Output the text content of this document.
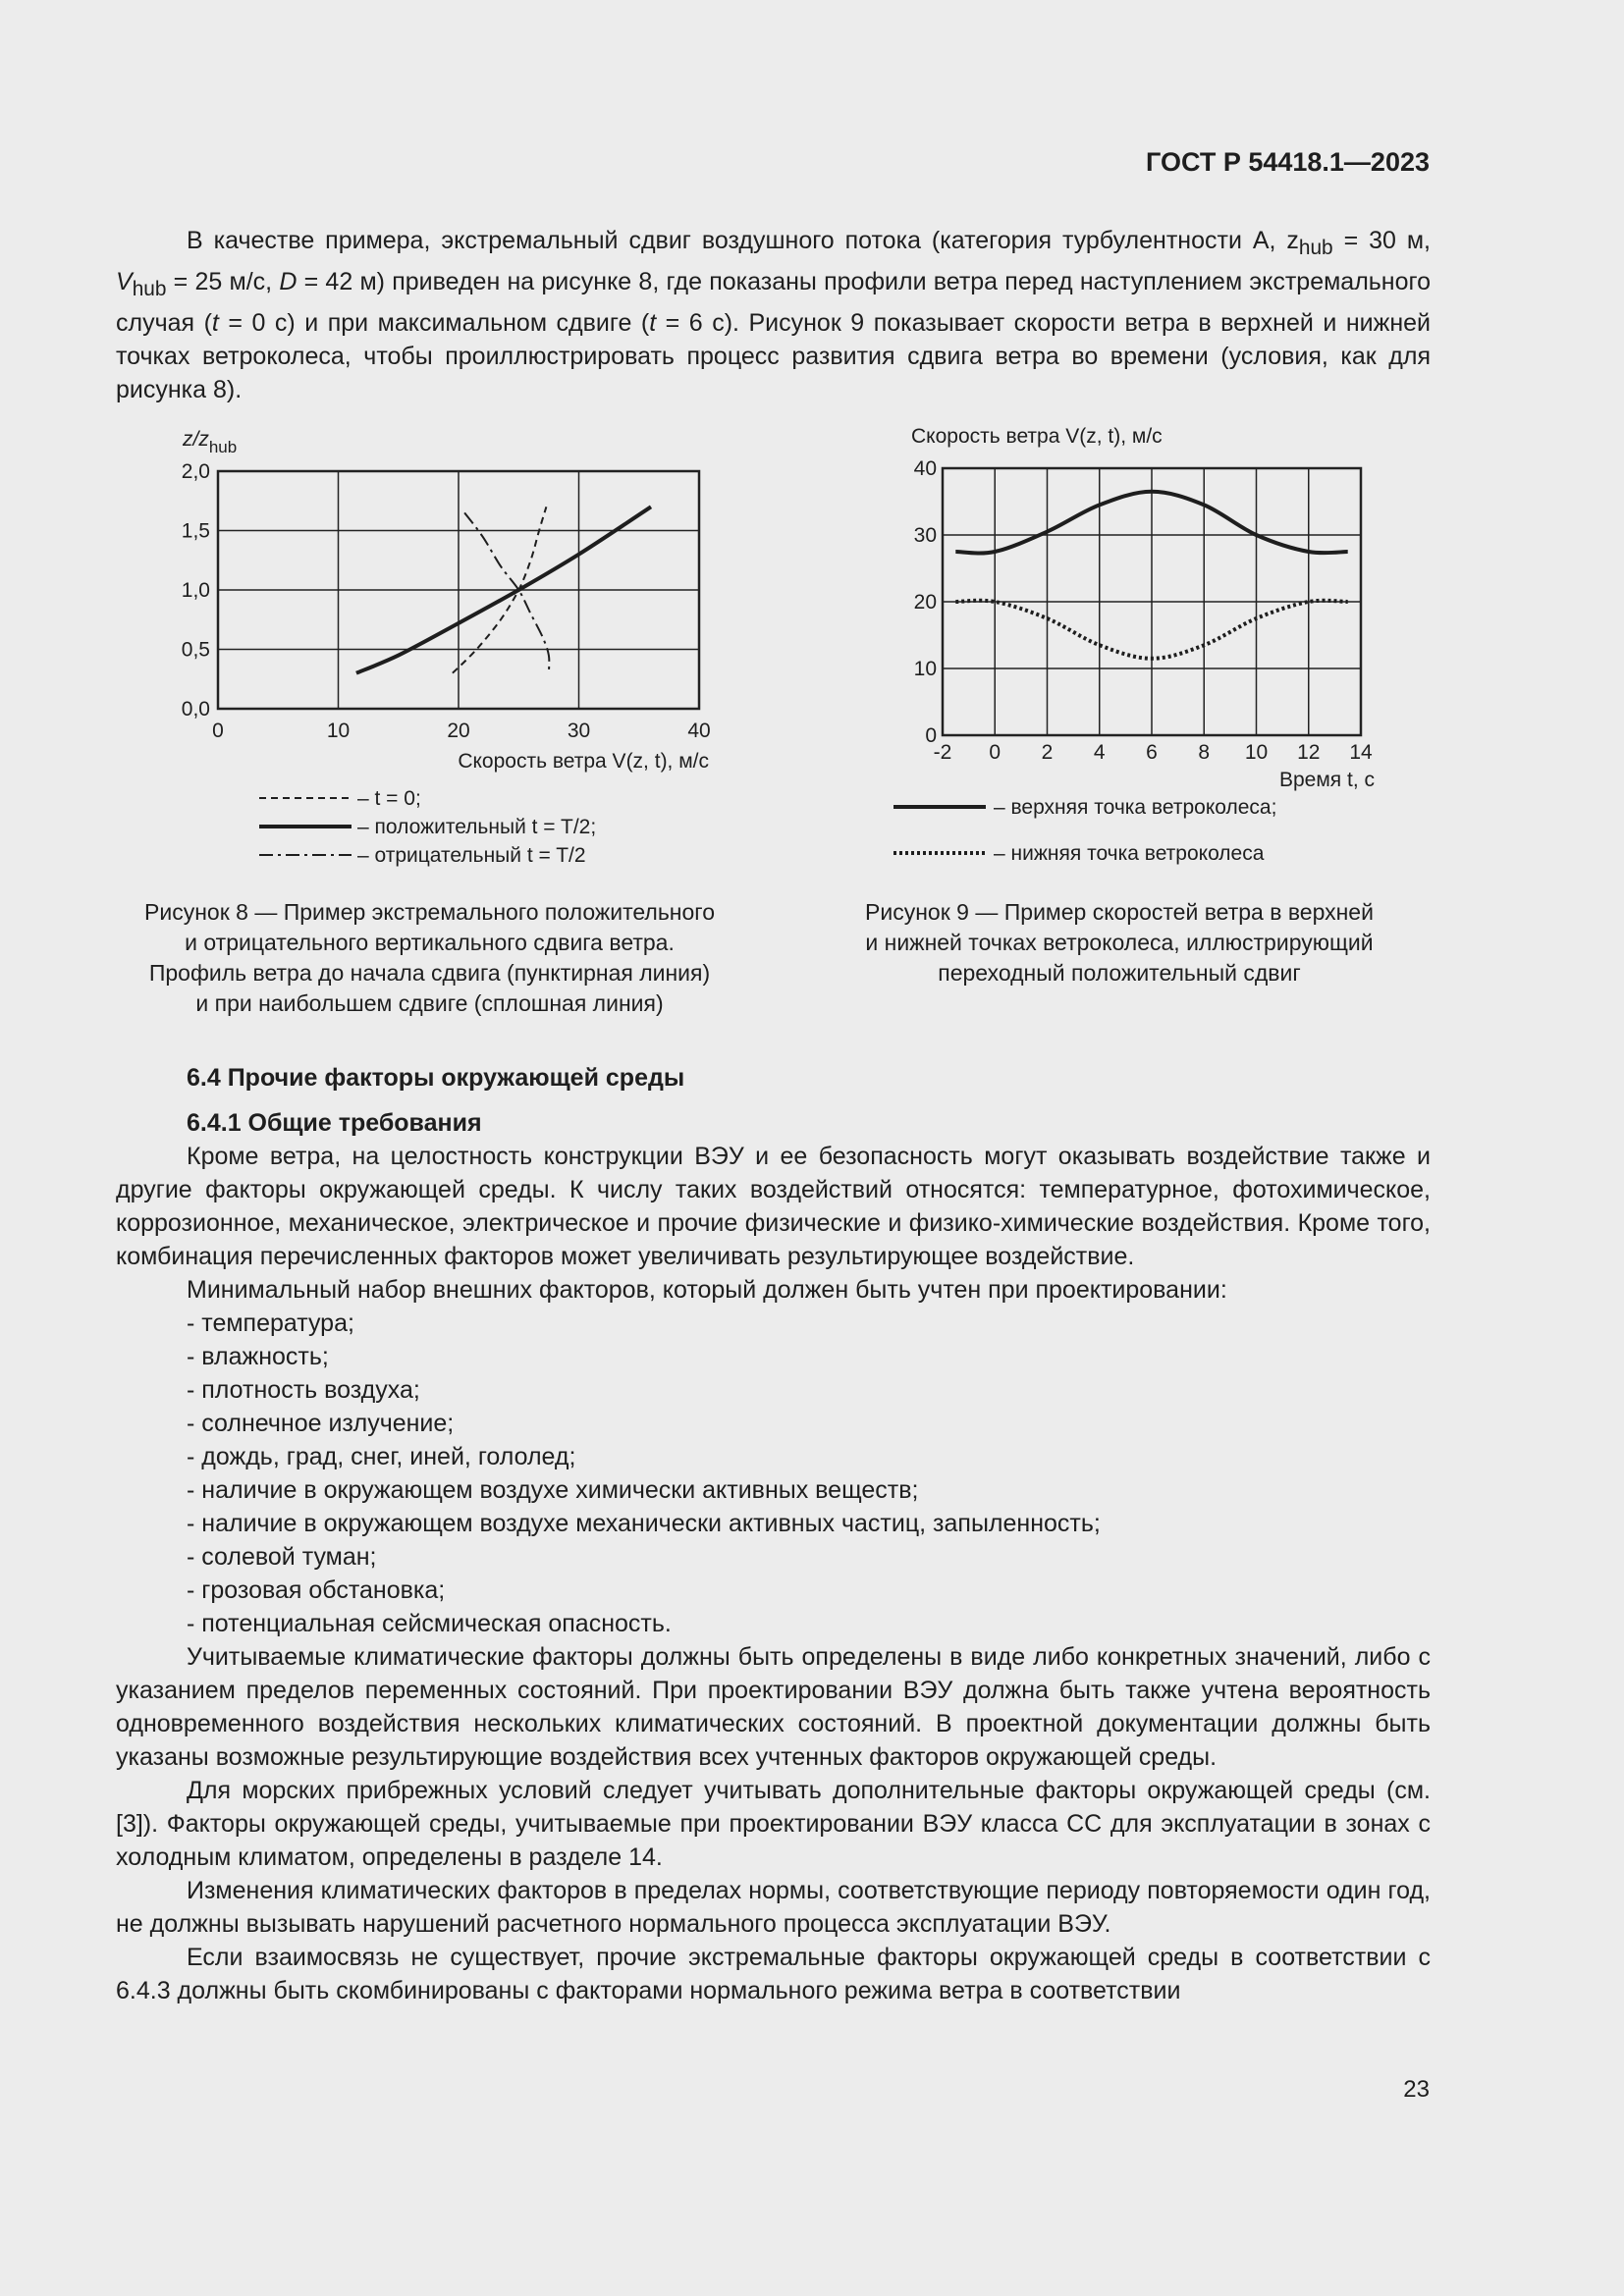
ГОСТ Р 54418.1—2023

В качестве примера, экстремальный сдвиг воздушного потока (категория турбулентности A, $z_{hub} = 30$ м, $V_{hub} = 25$ м/с, D = 42 м) приведен на рисунке 8, где показаны профили ветра перед наступлением экстремального случая (t = 0 с) и при максимальном сдвиге (t = 6 с). Рисунок 9 показывает скорости ветра в верхней и нижней точках ветроколеса, чтобы проиллюстрировать процесс развития сдвига ветра во времени (условия, как для рисунка 8).

$z/z_{hub}$
0,0
0,5
1,0
1,5
2,0
0	10	20	30	40
Скорость ветра V(z, t), м/с
– t = 0;
– положительный t = T/2;
– отрицательный t = T/2
Рисунок 8 — Пример экстремального положительного
и отрицательного вертикального сдвига ветра.
Профиль ветра до начала сдвига (пунктирная линия)
и при наибольшем сдвиге (сплошная линия)
Скорость ветра V(z, t), м/с
0
10
20
30
40
-2 0 2 4 6 8 10 12 14
Время t, с
– верхняя точка ветроколеса;
– нижняя точка ветроколеса
Рисунок 9 — Пример скоростей ветра в верхней
и нижней точках ветроколеса, иллюстрирующий
переходный положительный сдвиг

6.4 Прочие факторы окружающей среды

6.4.1 Общие требования

Кроме ветра, на целостность конструкции ВЭУ и ее безопасность могут оказывать воздействие также и другие факторы окружающей среды. К числу таких воздействий относятся: температурное, фотохимическое, коррозионное, механическое, электрическое и прочие физические и физико-химические воздействия. Кроме того, комбинация перечисленных факторов может увеличивать результирующее воздействие.

Минимальный набор внешних факторов, который должен быть учтен при проектировании:

- температура;

- влажность;

- плотность воздуха;

- солнечное излучение;

- дождь, град, снег, иней, гололед;

- наличие в окружающем воздухе химически активных веществ;

- наличие в окружающем воздухе механически активных частиц, запыленность;

- солевой туман;

- грозовая обстановка;

- потенциальная сейсмическая опасность.

Учитываемые климатические факторы должны быть определены в виде либо конкретных значений, либо с указанием пределов переменных состояний. При проектировании ВЭУ должна быть также учтена вероятность одновременного воздействия нескольких климатических состояний. В проектной документации должны быть указаны возможные результирующие воздействия всех учтенных факторов окружающей среды.

Для морских прибрежных условий следует учитывать дополнительные факторы окружающей среды (см. [3]). Факторы окружающей среды, учитываемые при проектировании ВЭУ класса СС для эксплуатации в зонах с холодным климатом, определены в разделе 14.

Изменения климатических факторов в пределах нормы, соответствующие периоду повторяемости один год, не должны вызывать нарушений расчетного нормального процесса эксплуатации ВЭУ.

Если взаимосвязь не существует, прочие экстремальные факторы окружающей среды в соответствии с 6.4.3 должны быть скомбинированы с факторами нормального режима ветра в соответствии

23
